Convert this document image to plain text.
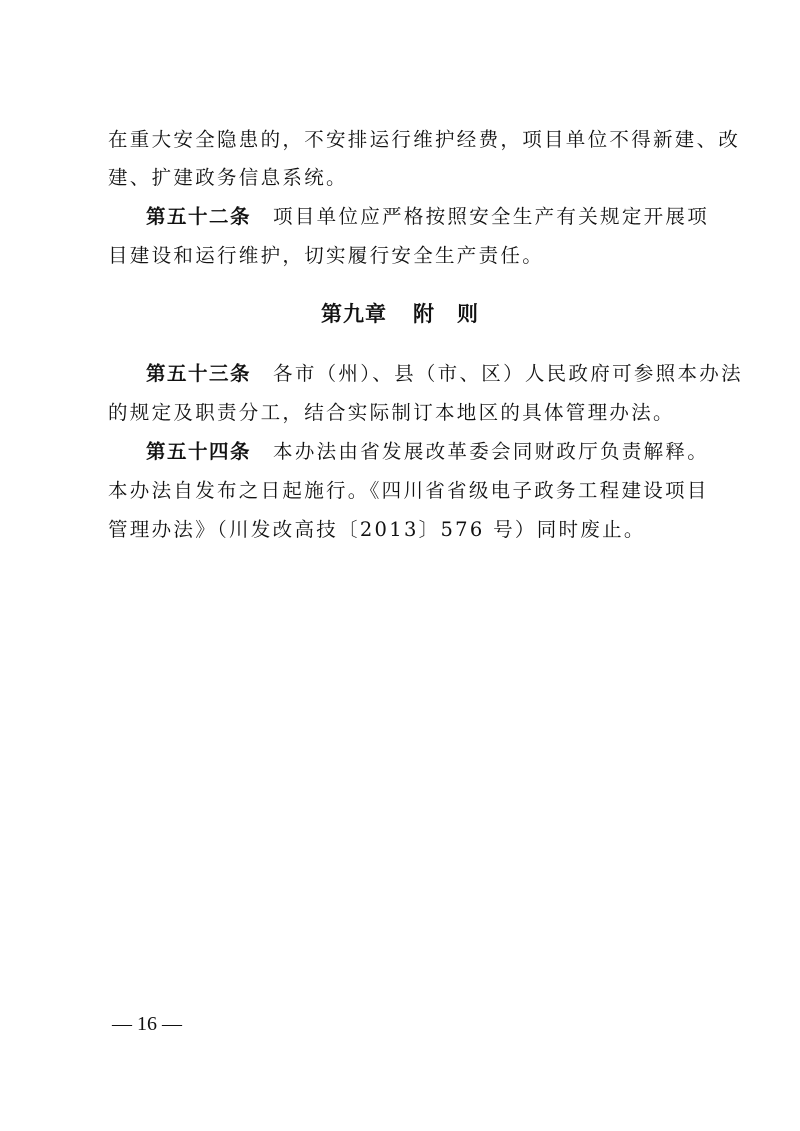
在重大安全隐患的，不安排运行维护经费，项目单位不得新建、改
建、扩建政务信息系统。
第五十二条 项目单位应严格按照安全生产有关规定开展项
目建设和运行维护，切实履行安全生产责任。
第九章 附　则
第五十三条 各市（州）、县（市、区）人民政府可参照本办法
的规定及职责分工，结合实际制订本地区的具体管理办法。
第五十四条 本办法由省发展改革委会同财政厅负责解释。
本办法自发布之日起施行。《四川省省级电子政务工程建设项目
管理办法》（川发改高技〔2013〕576 号）同时废止。
— 16 —
